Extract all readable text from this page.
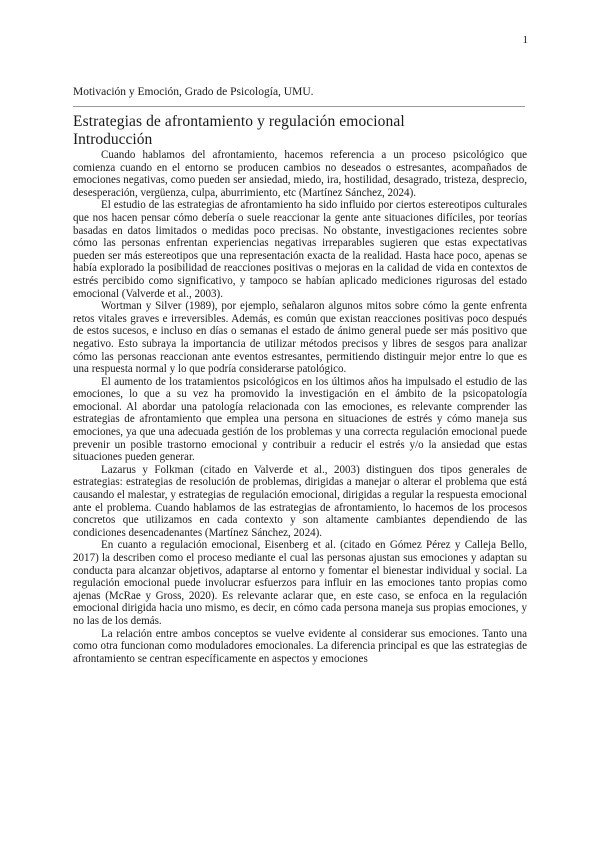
1
Motivación y Emoción, Grado de Psicología, UMU.
Estrategias de afrontamiento y regulación emocional
Introducción

Cuando hablamos del afrontamiento, hacemos referencia a un proceso psicológico que comienza cuando en el entorno se producen cambios no deseados o estresantes, acompañados de emociones negativas, como pueden ser ansiedad, miedo, ira, hostilidad, desagrado, tristeza, desprecio, desesperación, vergüenza, culpa, aburrimiento, etc (Martínez Sánchez, 2024).

El estudio de las estrategias de afrontamiento ha sido influido por ciertos estereotipos culturales que nos hacen pensar cómo debería o suele reaccionar la gente ante situaciones difíciles, por teorías basadas en datos limitados o medidas poco precisas. No obstante, investigaciones recientes sobre cómo las personas enfrentan experiencias negativas irreparables sugieren que estas expectativas pueden ser más estereotipos que una representación exacta de la realidad. Hasta hace poco, apenas se había explorado la posibilidad de reacciones positivas o mejoras en la calidad de vida en contextos de estrés percibido como significativo, y tampoco se habían aplicado mediciones rigurosas del estado emocional (Valverde et al., 2003).

Wortman y Silver (1989), por ejemplo, señalaron algunos mitos sobre cómo la gente enfrenta retos vitales graves e irreversibles. Además, es común que existan reacciones positivas poco después de estos sucesos, e incluso en días o semanas el estado de ánimo general puede ser más positivo que negativo. Esto subraya la importancia de utilizar métodos precisos y libres de sesgos para analizar cómo las personas reaccionan ante eventos estresantes, permitiendo distinguir mejor entre lo que es una respuesta normal y lo que podría considerarse patológico.

El aumento de los tratamientos psicológicos en los últimos años ha impulsado el estudio de las emociones, lo que a su vez ha promovido la investigación en el ámbito de la psicopatología emocional. Al abordar una patología relacionada con las emociones, es relevante comprender las estrategias de afrontamiento que emplea una persona en situaciones de estrés y cómo maneja sus emociones, ya que una adecuada gestión de los problemas y una correcta regulación emocional puede prevenir un posible trastorno emocional y contribuir a reducir el estrés y/o la ansiedad que estas situaciones pueden generar.

Lazarus y Folkman (citado en Valverde et al., 2003) distinguen dos tipos generales de estrategias: estrategias de resolución de problemas, dirigidas a manejar o alterar el problema que está causando el malestar, y estrategias de regulación emocional, dirigidas a regular la respuesta emocional ante el problema. Cuando hablamos de las estrategias de afrontamiento, lo hacemos de los procesos concretos que utilizamos en cada contexto y son altamente cambiantes dependiendo de las condiciones desencadenantes (Martínez Sánchez, 2024).

En cuanto a regulación emocional, Eisenberg et al. (citado en Gómez Pérez y Calleja Bello, 2017) la describen como el proceso mediante el cual las personas ajustan sus emociones y adaptan su conducta para alcanzar objetivos, adaptarse al entorno y fomentar el bienestar individual y social. La regulación emocional puede involucrar esfuerzos para influir en las emociones tanto propias como ajenas (McRae y Gross, 2020). Es relevante aclarar que, en este caso, se enfoca en la regulación emocional dirigida hacia uno mismo, es decir, en cómo cada persona maneja sus propias emociones, y no las de los demás.

La relación entre ambos conceptos se vuelve evidente al considerar sus emociones. Tanto una como otra funcionan como moduladores emocionales. La diferencia principal es que las estrategias de afrontamiento se centran específicamente en aspectos y emociones
